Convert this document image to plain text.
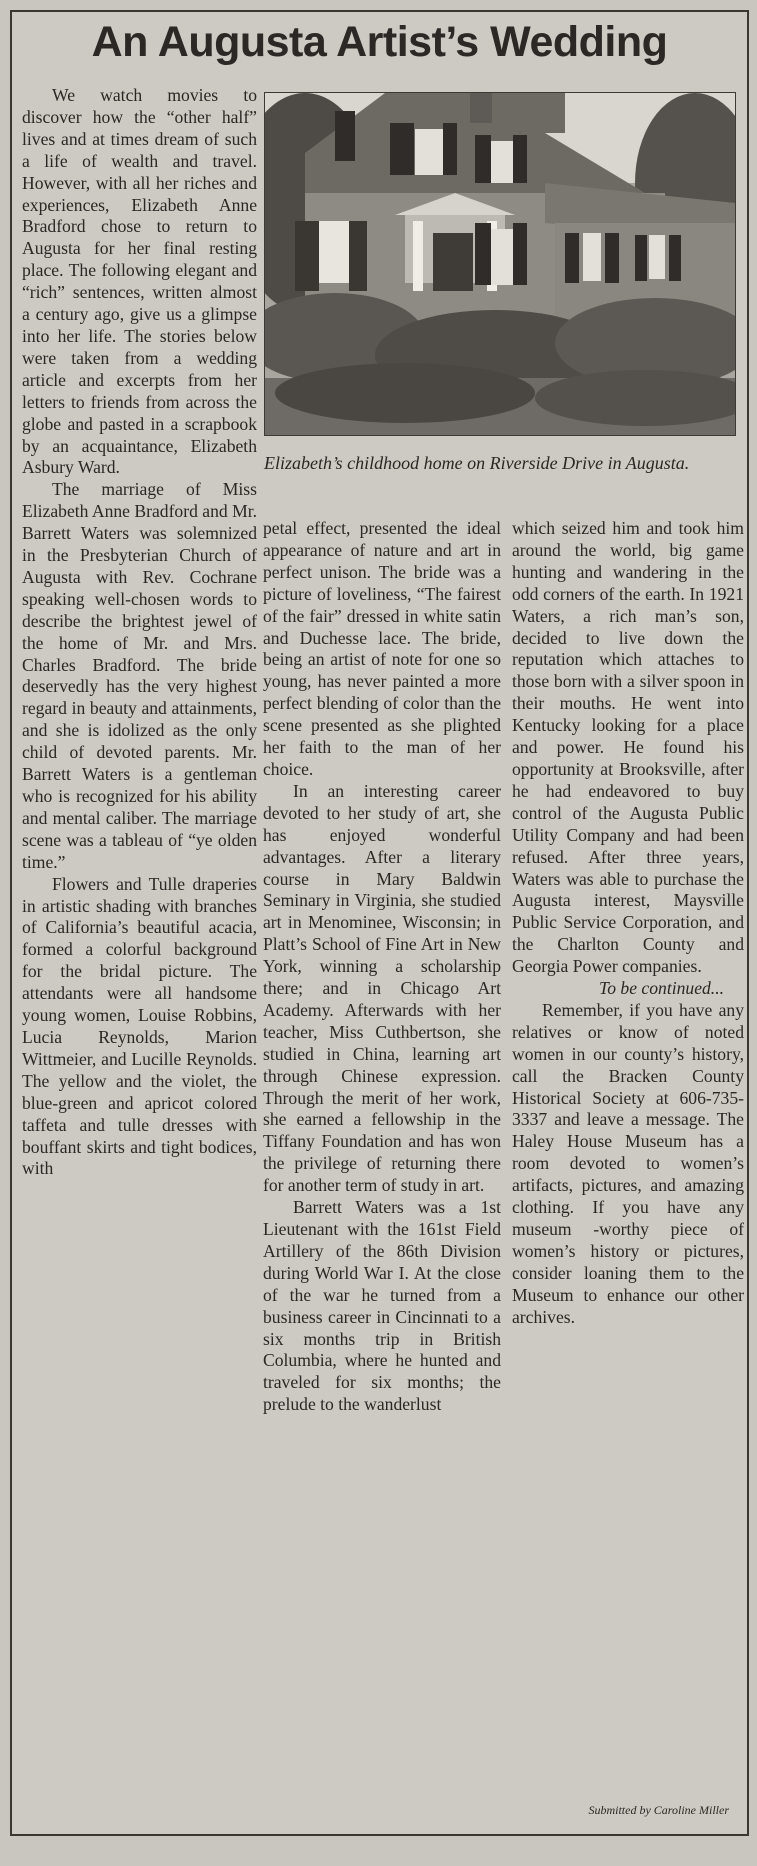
An Augusta Artist’s Wedding

We watch movies to discover how the “other half” lives and at times dream of such a life of wealth and travel. However, with all her riches and experiences, Elizabeth Anne Bradford chose to return to Augusta for her final resting place. The following elegant and “rich” sentences, written almost a century ago, give us a glimpse into her life. The stories below were taken from a wedding article and excerpts from her letters to friends from across the globe and pasted in a scrapbook by an acquaintance, Elizabeth Asbury Ward.

The marriage of Miss Elizabeth Anne Bradford and Mr. Barrett Waters was solemnized in the Presbyterian Church of Augusta with Rev. Cochrane speaking well-chosen words to describe the brightest jewel of the home of Mr. and Mrs. Charles Bradford. The bride deservedly has the very highest regard in beauty and attainments, and she is idolized as the only child of devoted parents. Mr. Barrett Waters is a gentleman who is recognized for his ability and mental caliber. The marriage scene was a tableau of “ye olden time.”

Flowers and Tulle draperies in artistic shading with branches of California’s beautiful acacia, formed a colorful background for the bridal picture. The attendants were all handsome young women, Louise Robbins, Lucia Reynolds, Marion Wittmeier, and Lucille Reynolds. The yellow and the violet, the blue-green and apricot colored taffeta and tulle dresses with bouffant skirts and tight bodices, with

Elizabeth’s childhood home on Riverside Drive in Augusta.

petal effect, presented the ideal appearance of nature and art in perfect unison. The bride was a picture of loveliness, “The fairest of the fair” dressed in white satin and Duchesse lace. The bride, being an artist of note for one so young, has never painted a more perfect blending of color than the scene presented as she plighted her faith to the man of her choice.

In an interesting career devoted to her study of art, she has enjoyed wonderful advantages. After a literary course in Mary Baldwin Seminary in Virginia, she studied art in Menominee, Wisconsin; in Platt’s School of Fine Art in New York, winning a scholarship there; and in Chicago Art Academy. Afterwards with her teacher, Miss Cuthbertson, she studied in China, learning art through Chinese expression. Through the merit of her work, she earned a fellowship in the Tiffany Foundation and has won the privilege of returning there for another term of study in art.

Barrett Waters was a 1st Lieutenant with the 161st Field Artillery of the 86th Division during World War I. At the close of the war he turned from a business career in Cincinnati to a six months trip in British Columbia, where he hunted and traveled for six months; the prelude to the wanderlust

which seized him and took him around the world, big game hunting and wandering in the odd corners of the earth. In 1921 Waters, a rich man’s son, decided to live down the reputation which attaches to those born with a silver spoon in their mouths. He went into Kentucky looking for a place and power. He found his opportunity at Brooksville, after he had endeavored to buy control of the Augusta Public Utility Company and had been refused. After three years, Waters was able to purchase the Augusta interest, Maysville Public Service Corporation, and the Charlton County and Georgia Power companies.

To be continued...

Remember, if you have any relatives or know of noted women in our county’s history, call the Bracken County Historical Society at 606-735-3337 and leave a message. The Haley House Museum has a room devoted to women’s artifacts, pictures, and amazing clothing. If you have any museum -worthy piece of women’s history or pictures, consider loaning them to the Museum to enhance our other archives.

Submitted by Caroline Miller
